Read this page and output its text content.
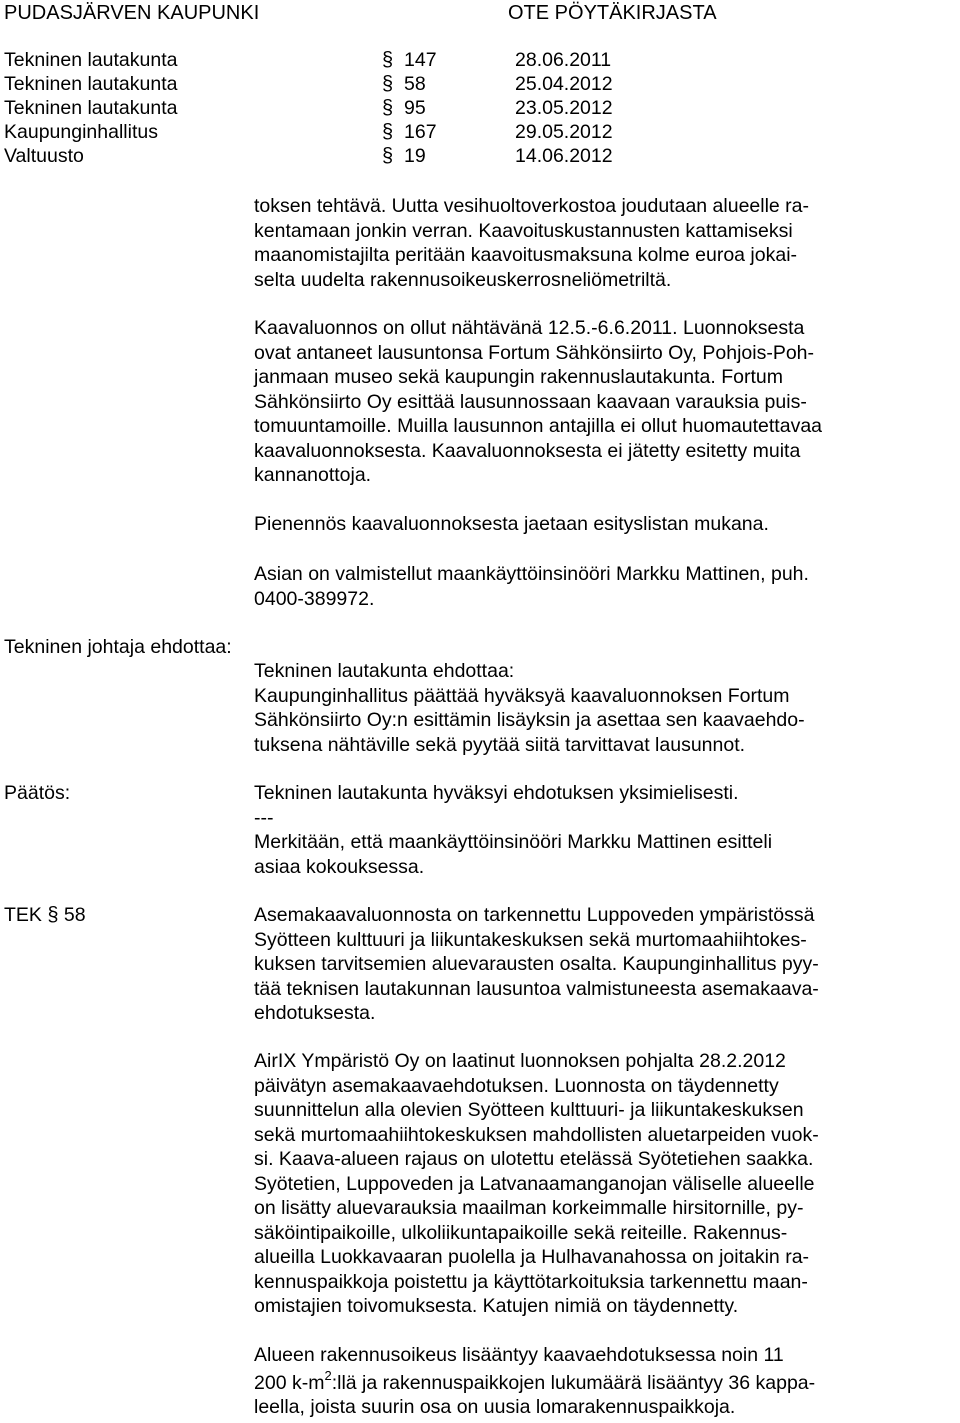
PUDASJÄRVEN KAUPUNKI	OTE PÖYTÄKIRJASTA
Tekninen lautakunta	§ 147	28.06.2011
Tekninen lautakunta	§ 58	25.04.2012
Tekninen lautakunta	§ 95	23.05.2012
Kaupunginhallitus	§ 167	29.05.2012
Valtuusto	§ 19	14.06.2012
toksen tehtävä. Uutta vesihuoltoverkostoa joudutaan alueelle ra-
kentamaan jonkin verran. Kaavoituskustannusten kattamiseksi
maanomistajilta peritään kaavoitusmaksuna kolme euroa jokai-
selta uudelta rakennusoikeuskerrosneliömetriltä.
Kaavaluonnos on ollut nähtävänä 12.5.-6.6.2011. Luonnoksesta
ovat antaneet lausuntonsa Fortum Sähkönsiirto Oy, Pohjois-Poh-
janmaan museo sekä kaupungin rakennuslautakunta. Fortum
Sähkönsiirto Oy esittää lausunnossaan kaavaan varauksia puis-
tomuuntamoille. Muilla lausunnon antajilla ei ollut huomautettavaa
kaavaluonnoksesta. Kaavaluonnoksesta ei jätetty esitetty muita
kannanottoja.
Pienennös kaavaluonnoksesta jaetaan esityslistan mukana.
Asian on valmistellut maankäyttöinsinööri Markku Mattinen, puh.
0400-389972.
Tekninen johtaja ehdottaa:
Tekninen lautakunta ehdottaa:
Kaupunginhallitus päättää hyväksyä kaavaluonnoksen Fortum
Sähkönsiirto Oy:n esittämin lisäyksin ja asettaa sen kaavaehdo-
tuksena nähtäville sekä pyytää siitä tarvittavat lausunnot.
Päätös:	Tekninen lautakunta hyväksyi ehdotuksen yksimielisesti.
---
Merkitään, että maankäyttöinsinööri Markku Mattinen esitteli
asiaa kokouksessa.
TEK § 58	Asemakaavaluonnosta on tarkennettu Luppoveden ympäristössä
Syötteen kulttuuri ja liikuntakeskuksen sekä murtomaahiihtokes-
kuksen tarvitsemien aluevarausten osalta. Kaupunginhallitus pyy-
tää teknisen lautakunnan lausuntoa valmistuneesta asemakaava-
ehdotuksesta.
AirIX Ympäristö Oy on laatinut luonnoksen pohjalta 28.2.2012
päivätyn asemakaavaehdotuksen. Luonnosta on täydennetty
suunnittelun alla olevien Syötteen kulttuuri- ja liikuntakeskuksen
sekä murtomaahiihtokeskuksen mahdollisten aluetarpeiden vuok-
si. Kaava-alueen rajaus on ulotettu etelässä Syötetiehen saakka.
Syötetien, Luppoveden ja Latvanaamanganojan väliselle alueelle
on lisätty aluevarauksia maailman korkeimmalle hirsitornille, py-
säköintipaikoille, ulkoliikuntapaikoille sekä reiteille. Rakennus-
alueilla Luokkavaaran puolella ja Hulhavanahossa on joitakin ra-
kennuspaikkoja poistettu ja käyttötarkoituksia tarkennettu maan-
omistajien toivomuksesta. Katujen nimiä on täydennetty.
Alueen rakennusoikeus lisääntyy kaavaehdotuksessa noin 11
200 $k-m^2:llä$ ja rakennuspaikkojen lukumäärä lisääntyy 36 kappa-
leella, joista suurin osa on uusia lomarakennuspaikkoja.
